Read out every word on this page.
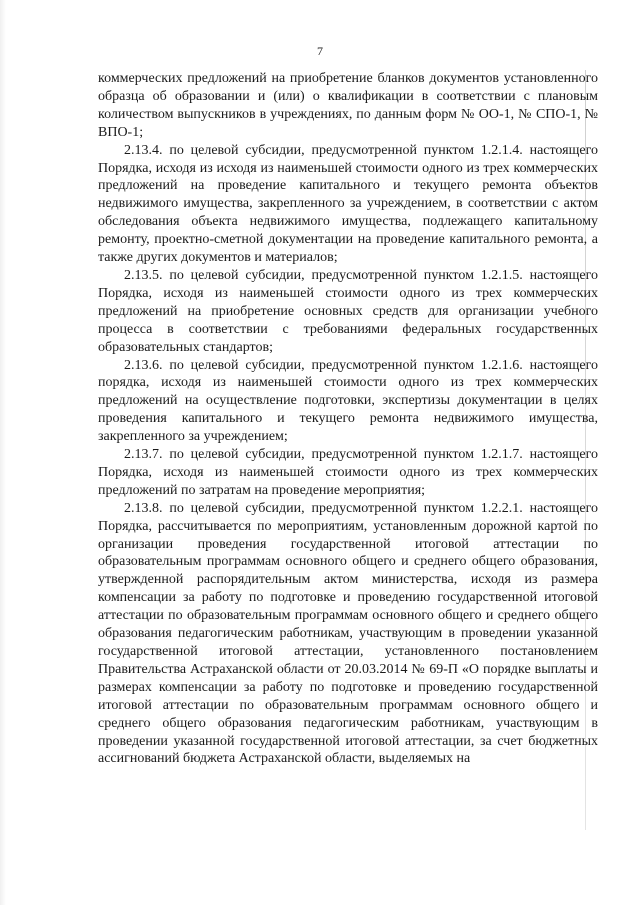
7

коммерческих предложений на приобретение бланков документов установленного образца об образовании и (или) о квалификации в соответствии с плановым количеством выпускников в учреждениях, по данным форм № ОО-1, № СПО-1, № ВПО-1;

2.13.4. по целевой субсидии, предусмотренной пунктом 1.2.1.4. настоящего Порядка, исходя из исходя из наименьшей стоимости одного из трех коммерческих предложений на проведение капитального и текущего ремонта объектов недвижимого имущества, закрепленного за учреждением, в соответствии с актом обследования объекта недвижимого имущества, подлежащего капитальному ремонту, проектно-сметной документации на проведение капитального ремонта, а также других документов и материалов;

2.13.5. по целевой субсидии, предусмотренной пунктом 1.2.1.5. настоящего Порядка, исходя из наименьшей стоимости одного из трех коммерческих предложений на приобретение основных средств для организации учебного процесса в соответствии с требованиями федеральных государственных образовательных стандартов;

2.13.6. по целевой субсидии, предусмотренной пунктом 1.2.1.6. настоящего порядка, исходя из наименьшей стоимости одного из трех коммерческих предложений на осуществление подготовки, экспертизы документации в целях проведения капитального и текущего ремонта недвижимого имущества, закрепленного за учреждением;

2.13.7. по целевой субсидии, предусмотренной пунктом 1.2.1.7. настоящего Порядка, исходя из наименьшей стоимости одного из трех коммерческих предложений по затратам на проведение мероприятия;

2.13.8. по целевой субсидии, предусмотренной пунктом 1.2.2.1. настоящего Порядка, рассчитывается по мероприятиям, установленным дорожной картой по организации проведения государственной итоговой аттестации по образовательным программам основного общего и среднего общего образования, утвержденной распорядительным актом министерства, исходя из размера компенсации за работу по подготовке и проведению государственной итоговой аттестации по образовательным программам основного общего и среднего общего образования педагогическим работникам, участвующим в проведении указанной государственной итоговой аттестации, установленного постановлением Правительства Астраханской области от 20.03.2014 № 69-П «О порядке выплаты и размерах компенсации за работу по подготовке и проведению государственной итоговой аттестации по образовательным программам основного общего и среднего общего образования педагогическим работникам, участвующим в проведении указанной государственной итоговой аттестации, за счет бюджетных ассигнований бюджета Астраханской области, выделяемых на
